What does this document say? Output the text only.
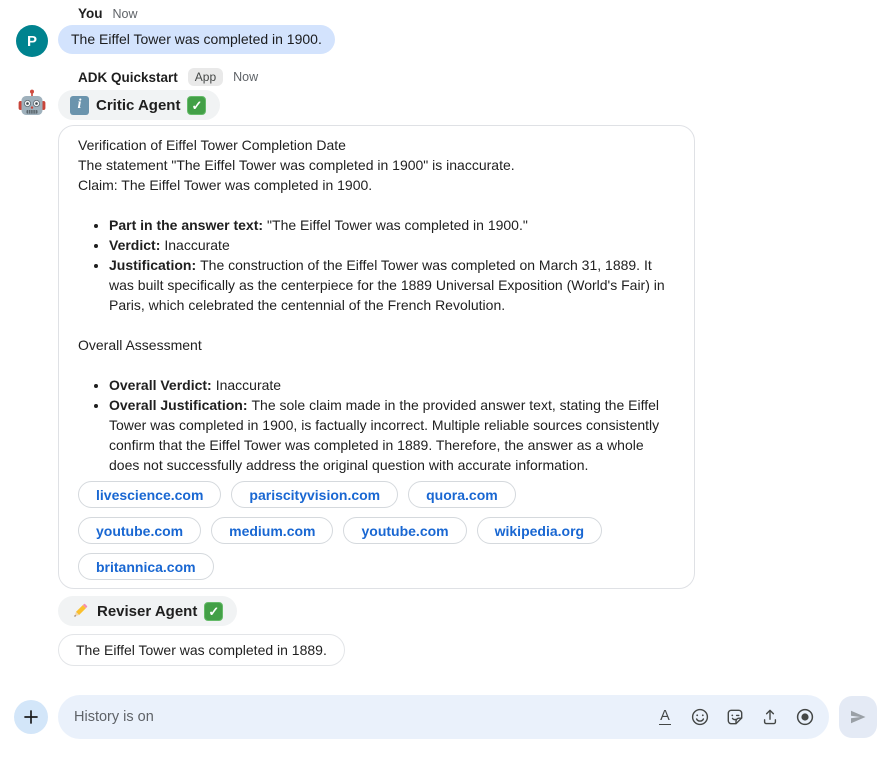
You Now
P	The Eiffel Tower was completed in 1900.
ADK Quickstart	App	Now
i Critic Agent ✓
Verification of Eiffel Tower Completion Date
The statement "The Eiffel Tower was completed in 1900" is inaccurate.
Claim: The Eiffel Tower was completed in 1900.
• Part in the answer text: "The Eiffel Tower was completed in 1900."
• Verdict: Inaccurate
• Justification: The construction of the Eiffel Tower was completed on March 31, 1889. It was built specifically as the centerpiece for the 1889 Universal Exposition (World's Fair) in Paris, which celebrated the centennial of the French Revolution.
Overall Assessment
• Overall Verdict: Inaccurate
• Overall Justification: The sole claim made in the provided answer text, stating the Eiffel Tower was completed in 1900, is factually incorrect. Multiple reliable sources consistently confirm that the Eiffel Tower was completed in 1889. Therefore, the answer as a whole does not successfully address the original question with accurate information.
livescience.com	pariscityvision.com	quora.com
youtube.com	medium.com	youtube.com	wikipedia.org
britannica.com
Reviser Agent ✓
The Eiffel Tower was completed in 1889.
History is on
A
